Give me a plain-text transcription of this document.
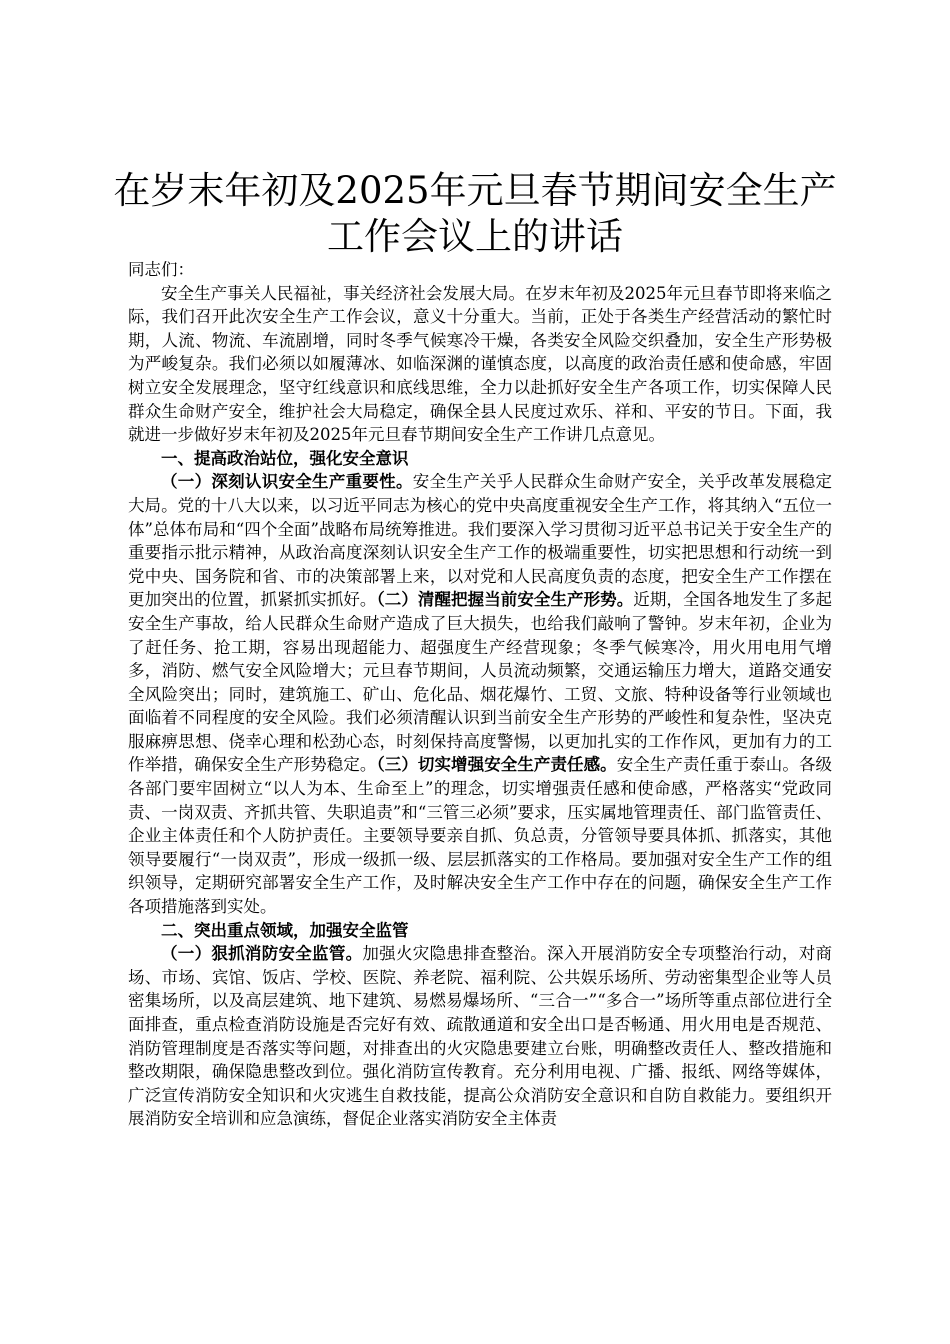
在岁末年初及2025年元旦春节期间安全生产
工作会议上的讲话

同志们：

安全生产事关人民福祉，事关经济社会发展大局。在岁末年初及2025年元旦春节即将来临之际，我们召开此次安全生产工作会议，意义十分重大。当前，正处于各类生产经营活动的繁忙时期，人流、物流、车流剧增，同时冬季气候寒冷干燥，各类安全风险交织叠加，安全生产形势极为严峻复杂。我们必须以如履薄冰、如临深渊的谨慎态度，以高度的政治责任感和使命感，牢固树立安全发展理念，坚守红线意识和底线思维，全力以赴抓好安全生产各项工作，切实保障人民群众生命财产安全，维护社会大局稳定，确保全县人民度过欢乐、祥和、平安的节日。下面，我就进一步做好岁末年初及2025年元旦春节期间安全生产工作讲几点意见。

一、提高政治站位，强化安全意识

（一）深刻认识安全生产重要性。安全生产关乎人民群众生命财产安全，关乎改革发展稳定大局。党的十八大以来，以习近平同志为核心的党中央高度重视安全生产工作，将其纳入“五位一体”总体布局和“四个全面”战略布局统筹推进。我们要深入学习贯彻习近平总书记关于安全生产的重要指示批示精神，从政治高度深刻认识安全生产工作的极端重要性，切实把思想和行动统一到党中央、国务院和省、市的决策部署上来，以对党和人民高度负责的态度，把安全生产工作摆在更加突出的位置，抓紧抓实抓好。（二）清醒把握当前安全生产形势。近期，全国各地发生了多起安全生产事故，给人民群众生命财产造成了巨大损失，也给我们敲响了警钟。岁末年初，企业为了赶任务、抢工期，容易出现超能力、超强度生产经营现象；冬季气候寒冷，用火用电用气增多，消防、燃气安全风险增大；元旦春节期间，人员流动频繁，交通运输压力增大，道路交通安全风险突出；同时，建筑施工、矿山、危化品、烟花爆竹、工贸、文旅、特种设备等行业领域也面临着不同程度的安全风险。我们必须清醒认识到当前安全生产形势的严峻性和复杂性，坚决克服麻痹思想、侥幸心理和松劲心态，时刻保持高度警惕，以更加扎实的工作作风，更加有力的工作举措，确保安全生产形势稳定。（三）切实增强安全生产责任感。安全生产责任重于泰山。各级各部门要牢固树立“以人为本、生命至上”的理念，切实增强责任感和使命感，严格落实“党政同责、一岗双责、齐抓共管、失职追责”和“三管三必须”要求，压实属地管理责任、部门监管责任、企业主体责任和个人防护责任。主要领导要亲自抓、负总责，分管领导要具体抓、抓落实，其他领导要履行“一岗双责”，形成一级抓一级、层层抓落实的工作格局。要加强对安全生产工作的组织领导，定期研究部署安全生产工作，及时解决安全生产工作中存在的问题，确保安全生产工作各项措施落到实处。

二、突出重点领域，加强安全监管

（一）狠抓消防安全监管。加强火灾隐患排查整治。深入开展消防安全专项整治行动，对商场、市场、宾馆、饭店、学校、医院、养老院、福利院、公共娱乐场所、劳动密集型企业等人员密集场所，以及高层建筑、地下建筑、易燃易爆场所、“三合一”“多合一”场所等重点部位进行全面排查，重点检查消防设施是否完好有效、疏散通道和安全出口是否畅通、用火用电是否规范、消防管理制度是否落实等问题，对排查出的火灾隐患要建立台账，明确整改责任人、整改措施和整改期限，确保隐患整改到位。强化消防宣传教育。充分利用电视、广播、报纸、网络等媒体，广泛宣传消防安全知识和火灾逃生自救技能，提高公众消防安全意识和自防自救能力。要组织开展消防安全培训和应急演练，督促企业落实消防安全主体责
